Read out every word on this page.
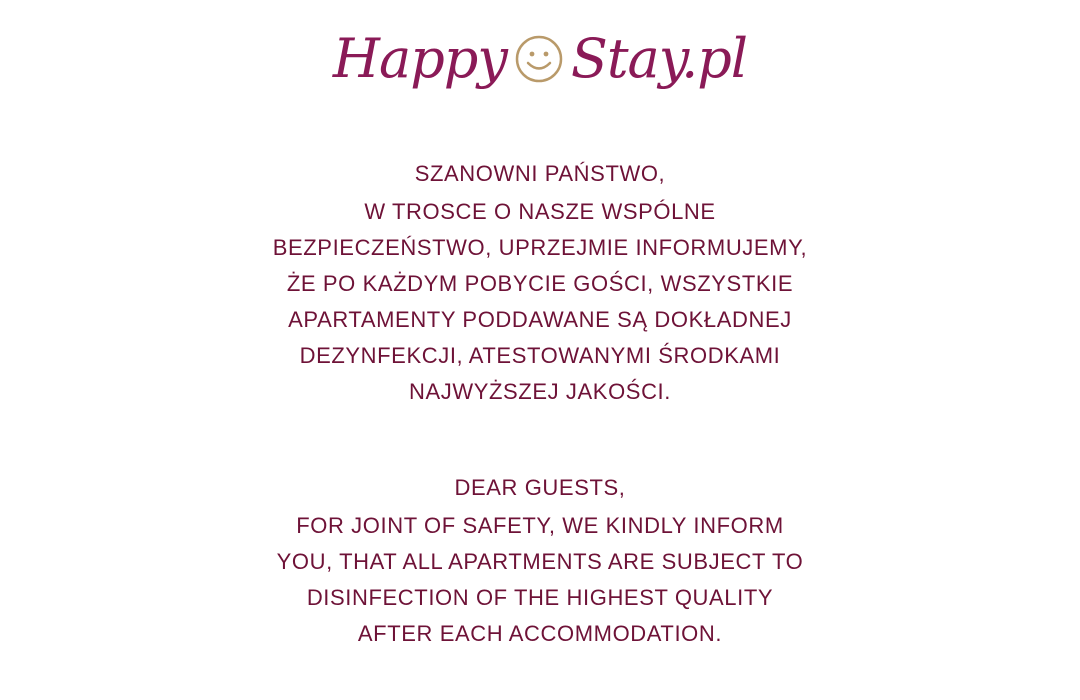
Happy Stay.pl
SZANOWNI PAŃSTWO,
W TROSCE O NASZE WSPÓLNE
BEZPIECZEŃSTWO, UPRZEJMIE INFORMUJEMY,
ŻE PO KAŻDYM POBYCIE GOŚCI, WSZYSTKIE
APARTAMENTY PODDAWANE SĄ DOKŁADNEJ
DEZYNFEKCJI, ATESTOWANYMI ŚRODKAMI
NAJWYŻSZEJ JAKOŚCI.
DEAR GUESTS,
FOR JOINT OF SAFETY, WE KINDLY INFORM
YOU, THAT ALL APARTMENTS ARE SUBJECT TO
DISINFECTION OF THE HIGHEST QUALITY
AFTER EACH ACCOMMODATION.
